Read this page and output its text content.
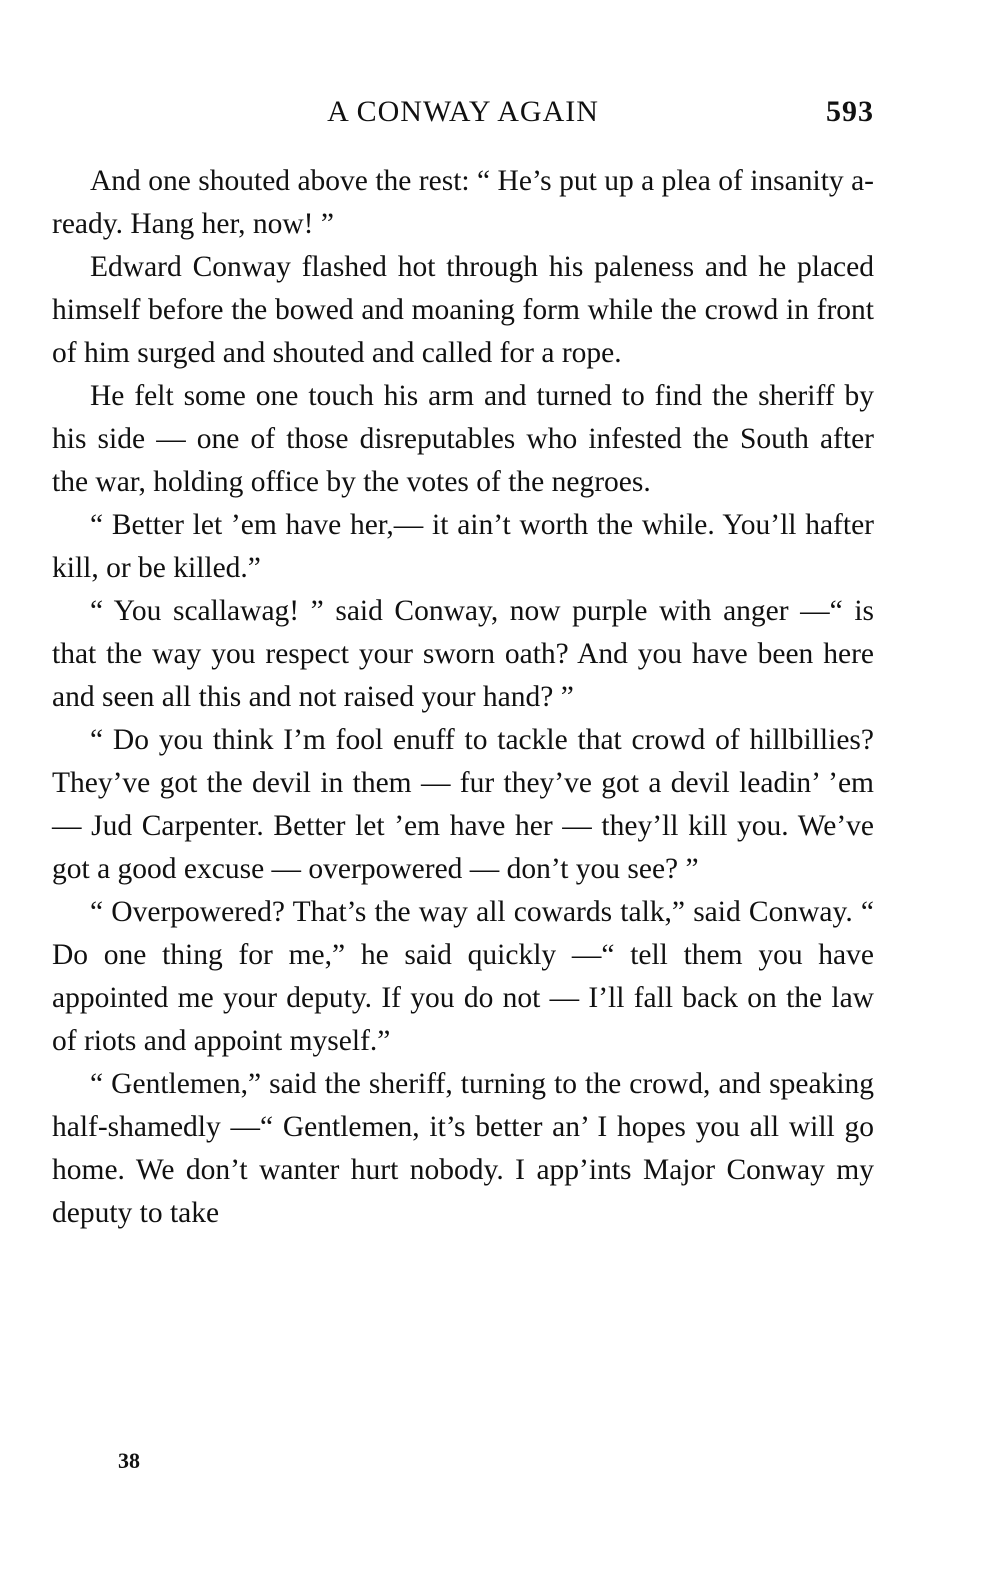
A CONWAY AGAIN	593

And one shouted above the rest: “ He’s put up a plea of insanity a-ready. Hang her, now! ”

Edward Conway flashed hot through his paleness and he placed himself before the bowed and moaning form while the crowd in front of him surged and shouted and called for a rope.

He felt some one touch his arm and turned to find the sheriff by his side — one of those disreputables who infested the South after the war, holding office by the votes of the negroes.

“ Better let ’em have her,— it ain’t worth the while. You’ll hafter kill, or be killed.”

“ You scallawag! ” said Conway, now purple with anger —“ is that the way you respect your sworn oath? And you have been here and seen all this and not raised your hand? ”

“ Do you think I’m fool enuff to tackle that crowd of hillbillies? They’ve got the devil in them — fur they’ve got a devil leadin’ ’em — Jud Carpenter. Better let ’em have her — they’ll kill you. We’ve got a good excuse — overpowered — don’t you see? ”

“ Overpowered? That’s the way all cowards talk,” said Conway. “ Do one thing for me,” he said quickly —“ tell them you have appointed me your deputy. If you do not — I’ll fall back on the law of riots and appoint myself.”

“ Gentlemen,” said the sheriff, turning to the crowd, and speaking half-shamedly —“ Gentlemen, it’s better an’ I hopes you all will go home. We don’t wanter hurt nobody. I app’ints Major Conway my deputy to take

38
